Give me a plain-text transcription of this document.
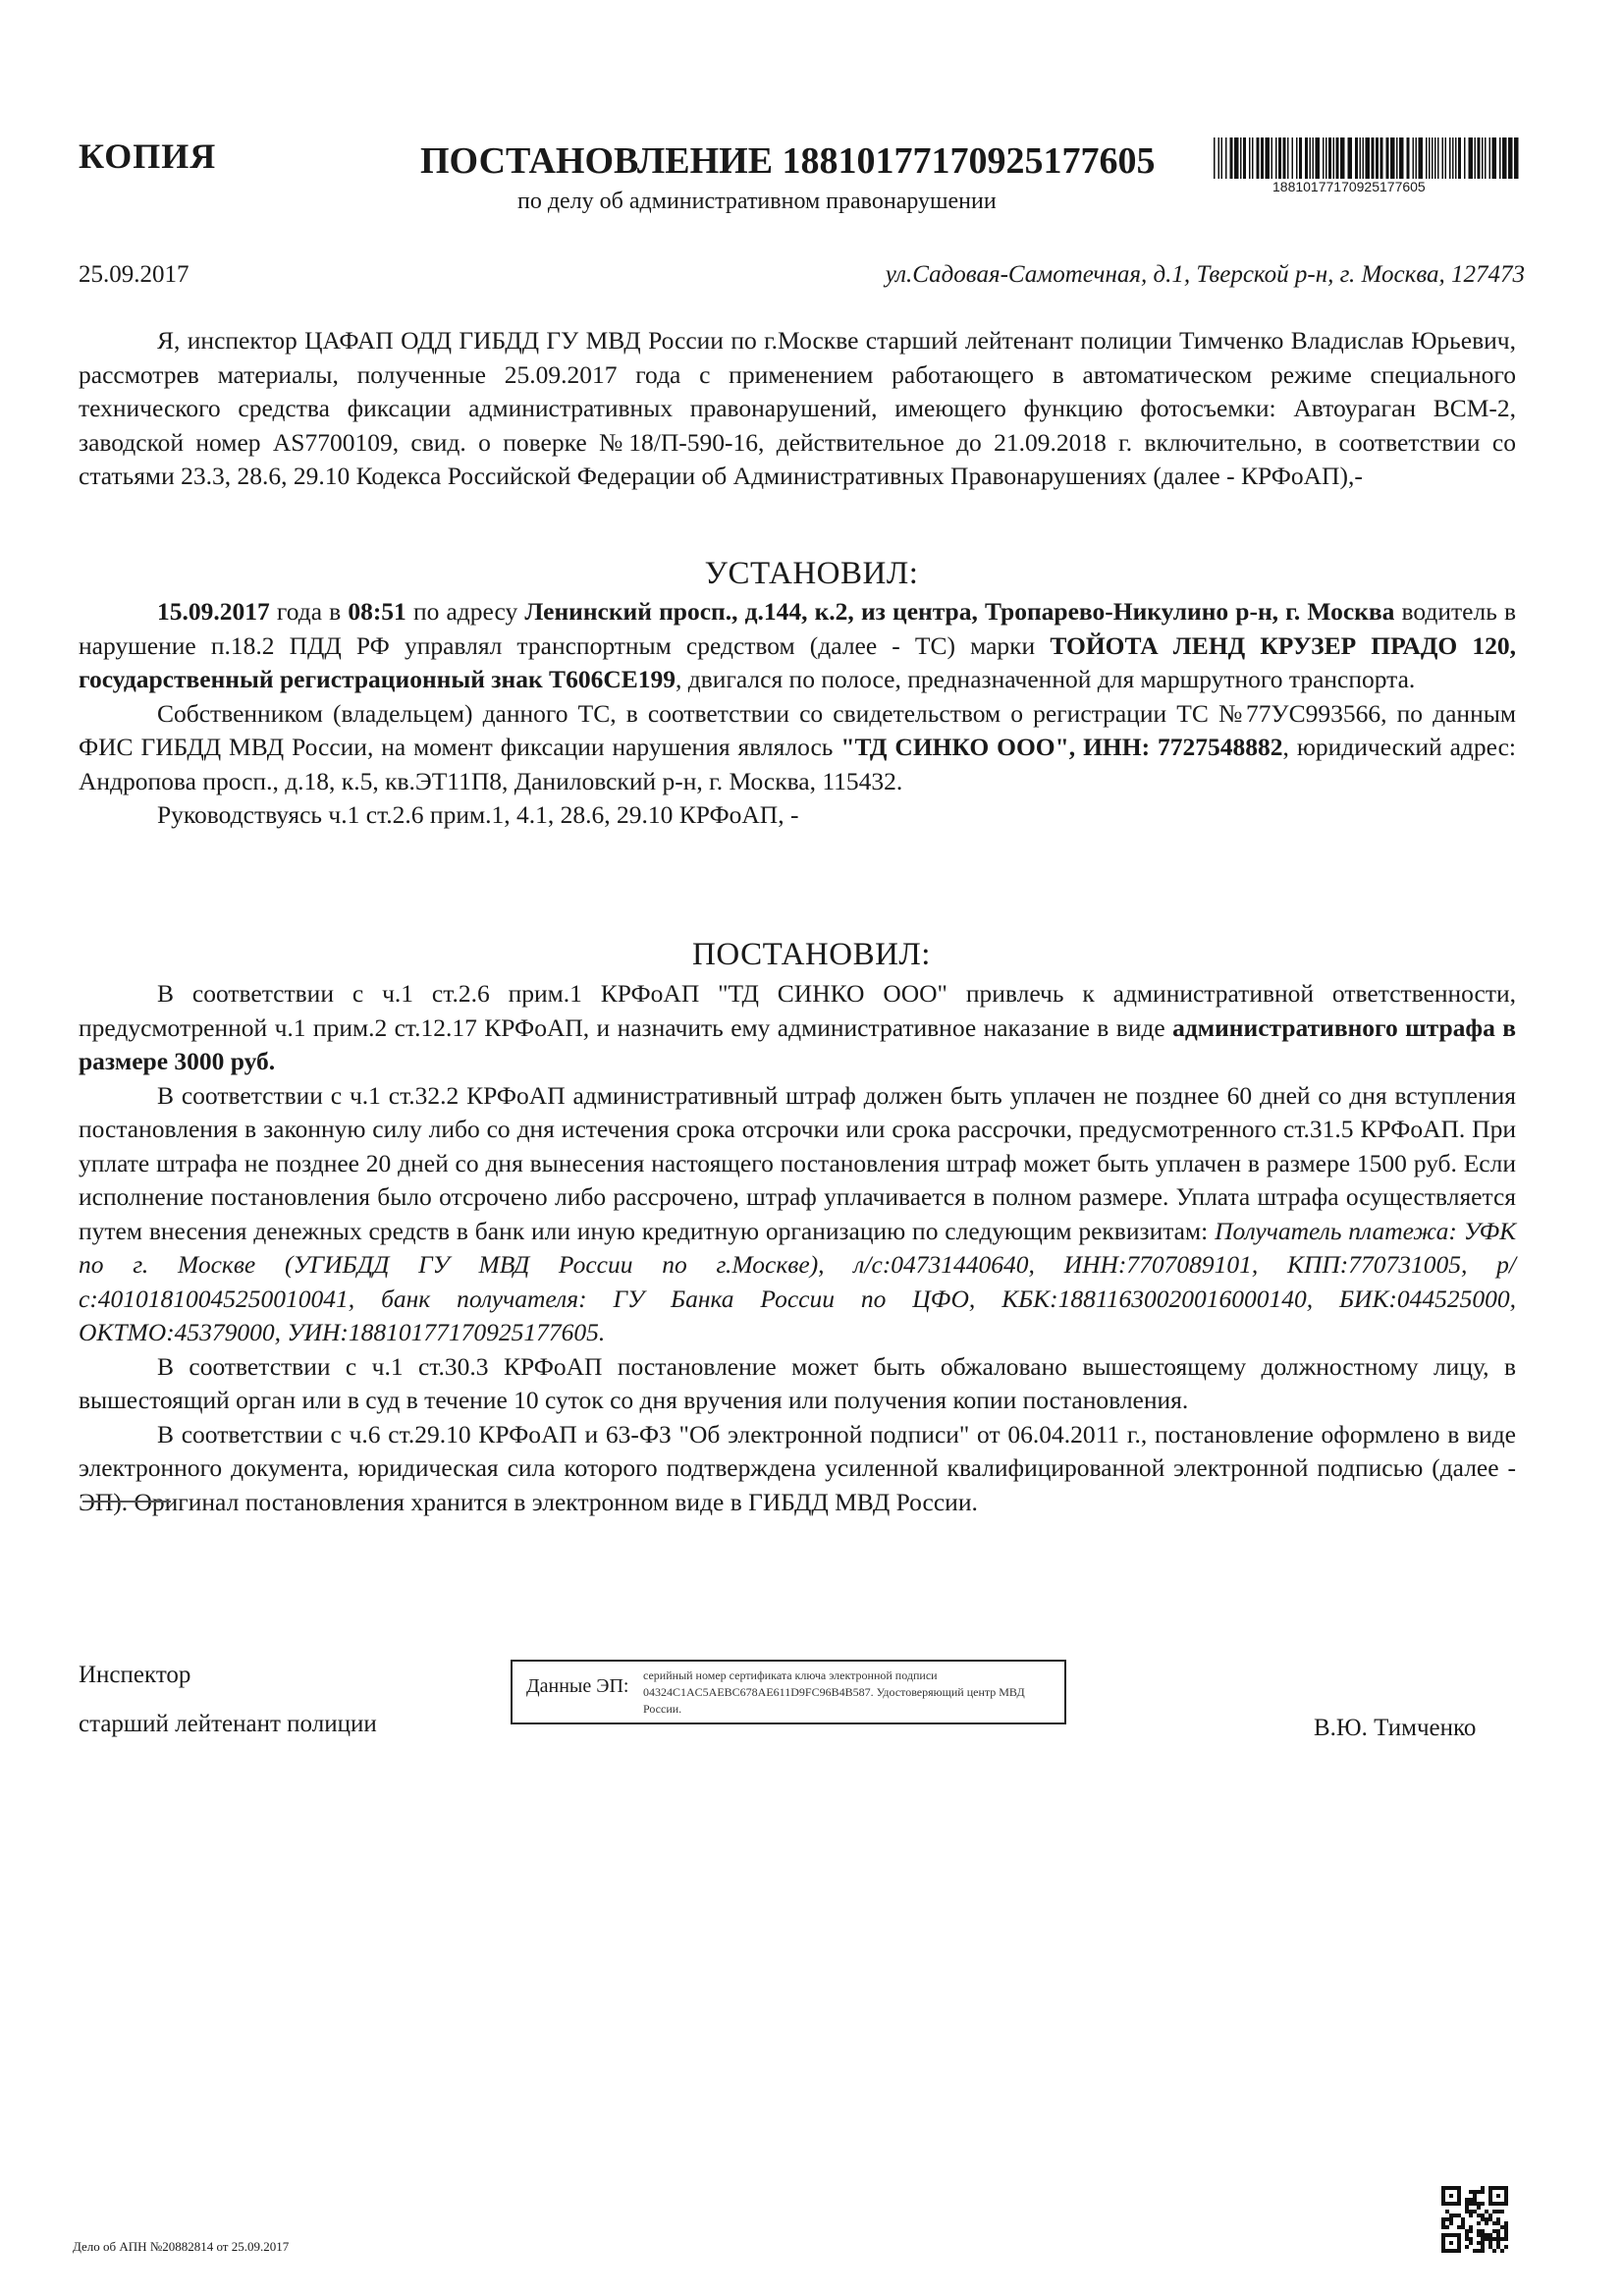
КОПИЯ	ПОСТАНОВЛЕНИЕ 18810177170925177605
по делу об административном правонарушении
18810177170925177605
25.09.2017	ул.Садовая-Самотечная, д.1, Тверской р-н, г. Москва, 127473

Я, инспектор ЦАФАП ОДД ГИБДД ГУ МВД России по г.Москве старший лейтенант полиции Тимченко Владислав Юрьевич, рассмотрев материалы, полученные 25.09.2017 года с применением работающего в автоматическом режиме специального технического средства фиксации административных правонарушений, имеющего функцию фотосъемки: Автоураган ВСМ-2, заводской номер AS7700109, свид. о поверке №18/П-590-16, действительное до 21.09.2018 г. включительно, в соответствии со статьями 23.3, 28.6, 29.10 Кодекса Российской Федерации об Административных Правонарушениях (далее - КРФоАП),-

УСТАНОВИЛ:

15.09.2017 года в 08:51 по адресу Ленинский просп., д.144, к.2, из центра, Тропарево-Никулино р-н, г. Москва водитель в нарушение п.18.2 ПДД РФ управлял транспортным средством (далее - ТС) марки ТОЙОТА ЛЕНД КРУЗЕР ПРАДО 120, государственный регистрационный знак Т606СЕ199, двигался по полосе, предназначенной для маршрутного транспорта.

Собственником (владельцем) данного ТС, в соответствии со свидетельством о регистрации ТС №77УС993566, по данным ФИС ГИБДД МВД России, на момент фиксации нарушения являлось "ТД СИНКО ООО", ИНН: 7727548882, юридический адрес: Андропова просп., д.18, к.5, кв.ЭТ11П8, Даниловский р-н, г. Москва, 115432.

Руководствуясь ч.1 ст.2.6 прим.1, 4.1, 28.6, 29.10 КРФоАП, -

ПОСТАНОВИЛ:

В соответствии с ч.1 ст.2.6 прим.1 КРФоАП "ТД СИНКО ООО" привлечь к административной ответственности, предусмотренной ч.1 прим.2 ст.12.17 КРФоАП, и назначить ему административное наказание в виде административного штрафа в размере 3000 руб.

В соответствии с ч.1 ст.32.2 КРФоАП административный штраф должен быть уплачен не позднее 60 дней со дня вступления постановления в законную силу либо со дня истечения срока отсрочки или срока рассрочки, предусмотренного ст.31.5 КРФоАП. При уплате штрафа не позднее 20 дней со дня вынесения настоящего постановления штраф может быть уплачен в размере 1500 руб. Если исполнение постановления было отсрочено либо рассрочено, штраф уплачивается в полном размере. Уплата штрафа осуществляется путем внесения денежных средств в банк или иную кредитную организацию по следующим реквизитам: Получатель платежа: УФК по г. Москве (УГИБДД ГУ МВД России по г.Москве), л/с:04731440640, ИНН:7707089101, КПП:770731005, р/с:40101810045250010041, банк получателя: ГУ Банка России по ЦФО, КБК:18811630020016000140, БИК:044525000, ОКТМО:45379000, УИН:18810177170925177605.

В соответствии с ч.1 ст.30.3 КРФоАП постановление может быть обжаловано вышестоящему должностному лицу, в вышестоящий орган или в суд в течение 10 суток со дня вручения или получения копии постановления.

В соответствии с ч.6 ст.29.10 КРФоАП и 63-ФЗ "Об электронной подписи" от 06.04.2011 г., постановление оформлено в виде электронного документа, юридическая сила которого подтверждена усиленной квалифицированной электронной подписью (далее - ЭП). Оригинал постановления хранится в электронном виде в ГИБДД МВД России.

Инспектор
старший лейтенант полиции
Данные ЭП: серийный номер сертификата ключа электронной подписи 04324C1AC5AEBC678AE611D9FC96B4B587. Удостоверяющий центр МВД России.
В.Ю. Тимченко
Дело об АПН №20882814 от 25.09.2017
